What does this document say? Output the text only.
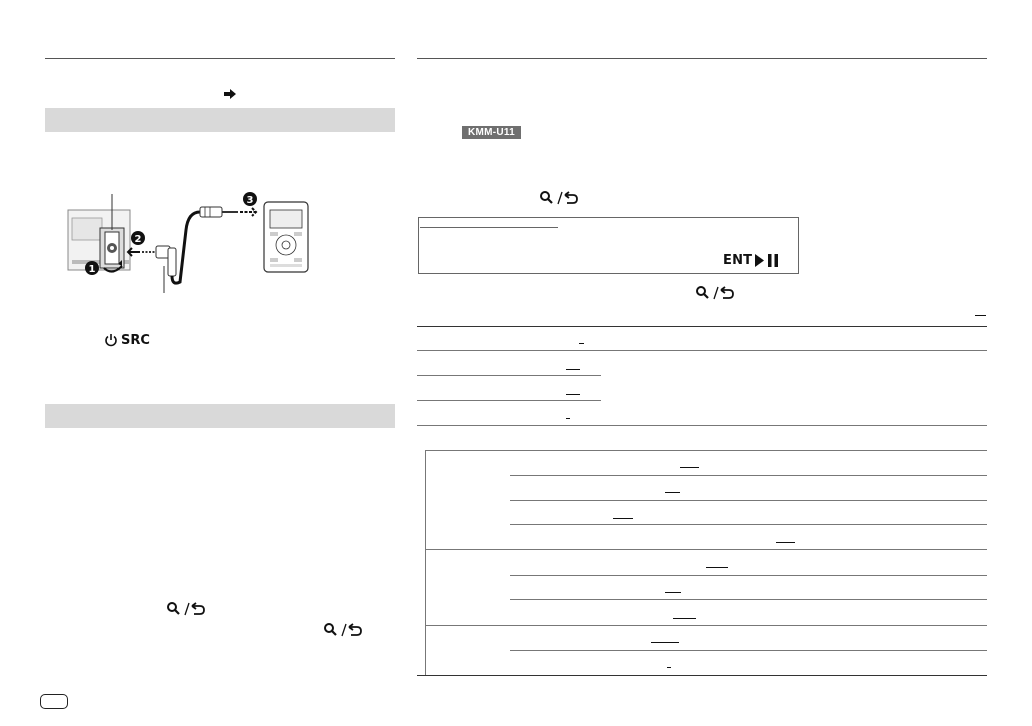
1
2
3
SRC
KMM-U11
ENT
